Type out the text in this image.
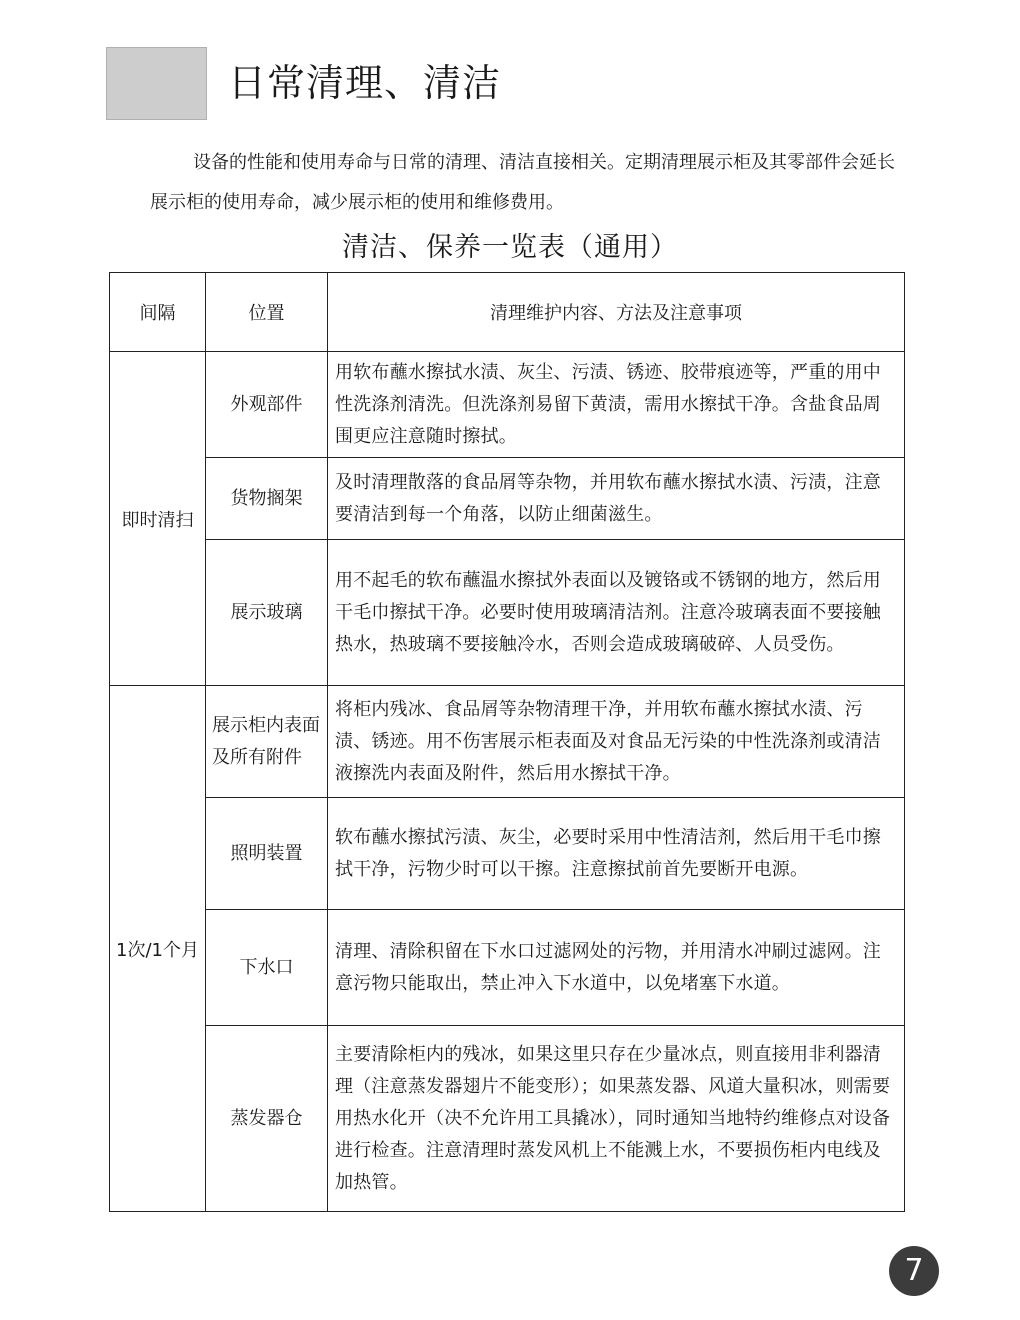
日常清理、清洁

设备的性能和使用寿命与日常的清理、清洁直接相关。定期清理展示柜及其零部件会延长展示柜的使用寿命，减少展示柜的使用和维修费用。

清洁、保养一览表（通用）
间隔	位置	清理维护内容、方法及注意事项
即时清扫	外观部件	用软布蘸水擦拭水渍、灰尘、污渍、锈迹、胶带痕迹等，严重的用中性洗涤剂清洗。但洗涤剂易留下黄渍，需用水擦拭干净。含盐食品周围更应注意随时擦拭。
	货物搁架	及时清理散落的食品屑等杂物，并用软布蘸水擦拭水渍、污渍，注意要清洁到每一个角落，以防止细菌滋生。
	展示玻璃	用不起毛的软布蘸温水擦拭外表面以及镀铬或不锈钢的地方，然后用干毛巾擦拭干净。必要时使用玻璃清洁剂。注意冷玻璃表面不要接触热水，热玻璃不要接触冷水，否则会造成玻璃破碎、人员受伤。
1次/1个月	展示柜内表面及所有附件	将柜内残冰、食品屑等杂物清理干净，并用软布蘸水擦拭水渍、污渍、锈迹。用不伤害展示柜表面及对食品无污染的中性洗涤剂或清洁液擦洗内表面及附件，然后用水擦拭干净。
	照明装置	软布蘸水擦拭污渍、灰尘，必要时采用中性清洁剂，然后用干毛巾擦拭干净，污物少时可以干擦。注意擦拭前首先要断开电源。
	下水口	清理、清除积留在下水口过滤网处的污物，并用清水冲刷过滤网。注意污物只能取出，禁止冲入下水道中，以免堵塞下水道。
	蒸发器仓	主要清除柜内的残冰，如果这里只存在少量冰点，则直接用非利器清理（注意蒸发器翅片不能变形）；如果蒸发器、风道大量积冰，则需要用热水化开（决不允许用工具撬冰），同时通知当地特约维修点对设备进行检查。注意清理时蒸发风机上不能溅上水，不要损伤柜内电线及加热管。
7
